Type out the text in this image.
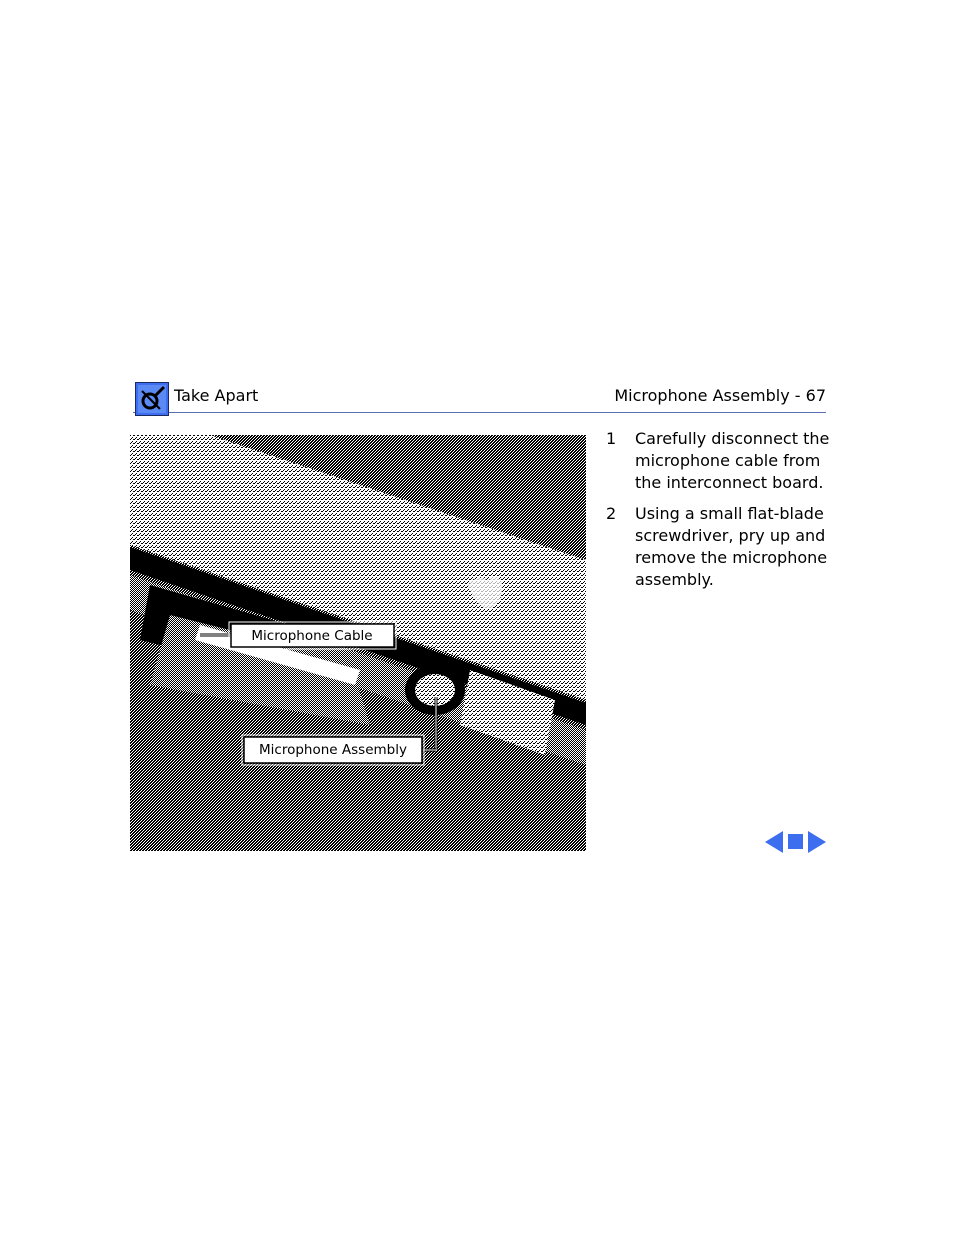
Take Apart	Microphone Assembly - 67
Microphone Cable
Microphone Assembly
1	Carefully disconnect the microphone cable from the interconnect board.
2	Using a small flat-blade screwdriver, pry up and remove the microphone assembly.
